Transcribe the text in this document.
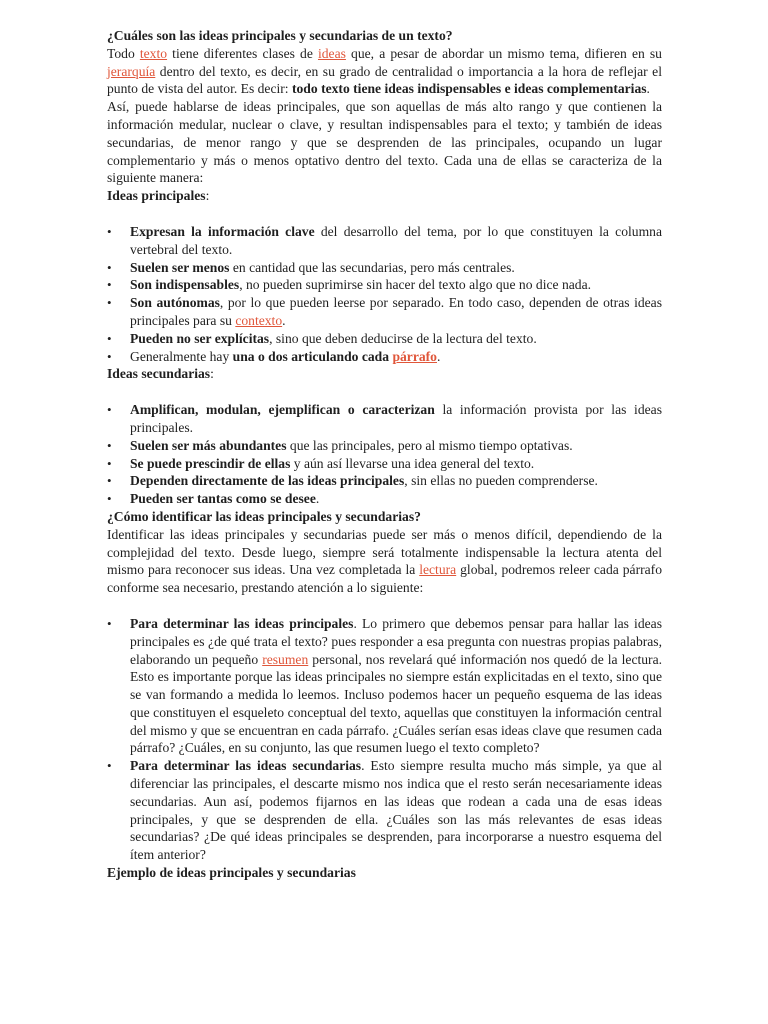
¿Cuáles son las ideas principales y secundarias de un texto?

Todo texto tiene diferentes clases de ideas que, a pesar de abordar un mismo tema, difieren en su jerarquía dentro del texto, es decir, en su grado de centralidad o importancia a la hora de reflejar el punto de vista del autor. Es decir: todo texto tiene ideas indispensables e ideas complementarias.

Así, puede hablarse de ideas principales, que son aquellas de más alto rango y que contienen la información medular, nuclear o clave, y resultan indispensables para el texto; y también de ideas secundarias, de menor rango y que se desprenden de las principales, ocupando un lugar complementario y más o menos optativo dentro del texto. Cada una de ellas se caracteriza de la siguiente manera:

Ideas principales:

• Expresan la información clave del desarrollo del tema, por lo que constituyen la columna vertebral del texto.
• Suelen ser menos en cantidad que las secundarias, pero más centrales.
• Son indispensables, no pueden suprimirse sin hacer del texto algo que no dice nada.
• Son autónomas, por lo que pueden leerse por separado. En todo caso, dependen de otras ideas principales para su contexto.
• Pueden no ser explícitas, sino que deben deducirse de la lectura del texto.
• Generalmente hay una o dos articulando cada párrafo.

Ideas secundarias:

• Amplifican, modulan, ejemplifican o caracterizan la información provista por las ideas principales.
• Suelen ser más abundantes que las principales, pero al mismo tiempo optativas.
• Se puede prescindir de ellas y aún así llevarse una idea general del texto.
• Dependen directamente de las ideas principales, sin ellas no pueden comprenderse.
• Pueden ser tantas como se desee.

¿Cómo identificar las ideas principales y secundarias?

Identificar las ideas principales y secundarias puede ser más o menos difícil, dependiendo de la complejidad del texto. Desde luego, siempre será totalmente indispensable la lectura atenta del mismo para reconocer sus ideas. Una vez completada la lectura global, podremos releer cada párrafo conforme sea necesario, prestando atención a lo siguiente:

• Para determinar las ideas principales. Lo primero que debemos pensar para hallar las ideas principales es ¿de qué trata el texto? pues responder a esa pregunta con nuestras propias palabras, elaborando un pequeño resumen personal, nos revelará qué información nos quedó de la lectura. Esto es importante porque las ideas principales no siempre están explicitadas en el texto, sino que se van formando a medida lo leemos. Incluso podemos hacer un pequeño esquema de las ideas que constituyen el esqueleto conceptual del texto, aquellas que constituyen la información central del mismo y que se encuentran en cada párrafo. ¿Cuáles serían esas ideas clave que resumen cada párrafo? ¿Cuáles, en su conjunto, las que resumen luego el texto completo?
• Para determinar las ideas secundarias. Esto siempre resulta mucho más simple, ya que al diferenciar las principales, el descarte mismo nos indica que el resto serán necesariamente ideas secundarias. Aun así, podemos fijarnos en las ideas que rodean a cada una de esas ideas principales, y que se desprenden de ella. ¿Cuáles son las más relevantes de esas ideas secundarias? ¿De qué ideas principales se desprenden, para incorporarse a nuestro esquema del ítem anterior?

Ejemplo de ideas principales y secundarias
